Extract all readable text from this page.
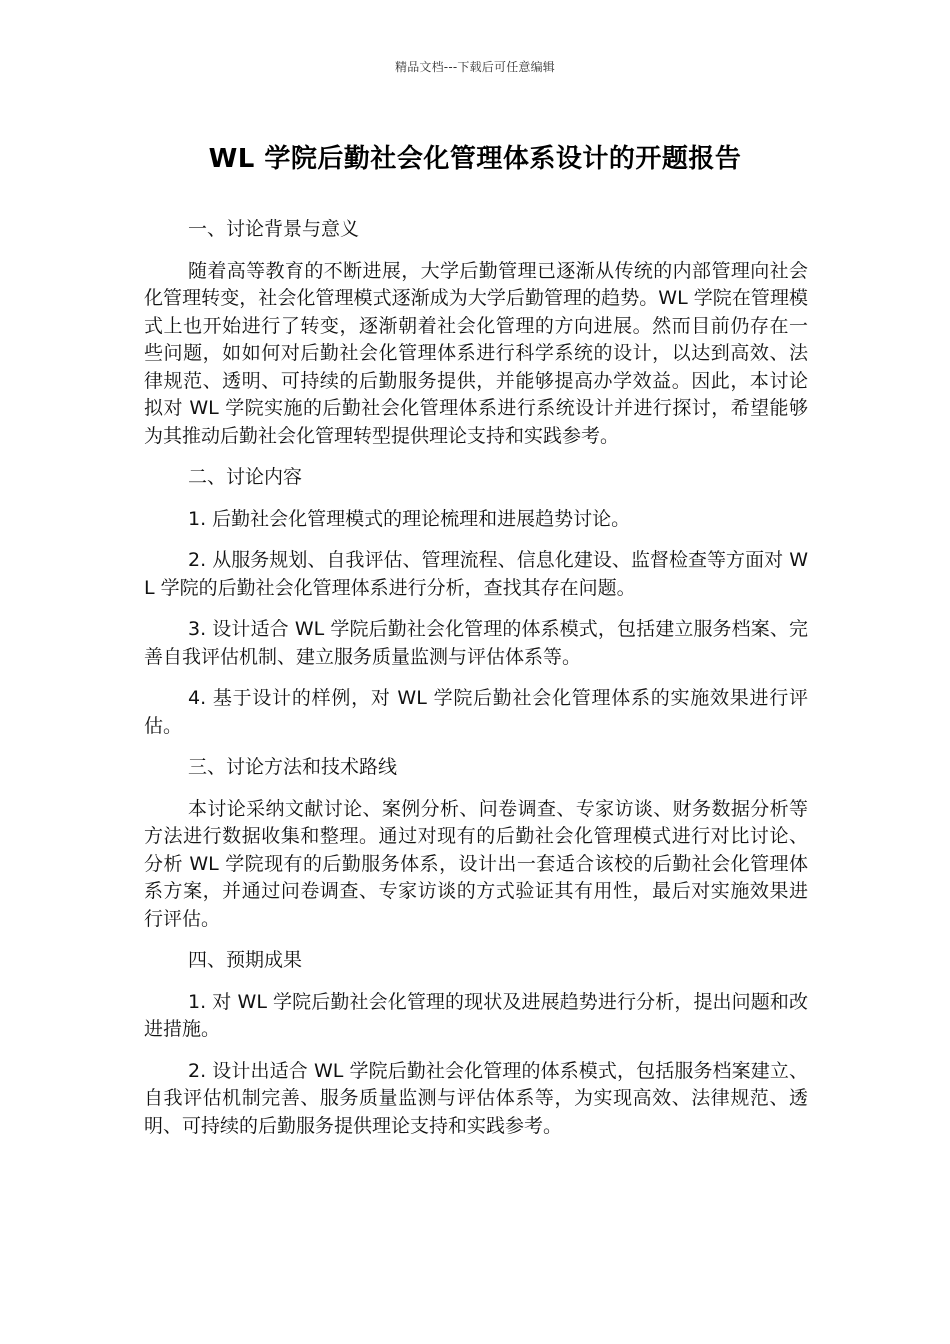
精品文档---下载后可任意编辑
WL 学院后勤社会化管理体系设计的开题报告

一、讨论背景与意义

随着高等教育的不断进展，大学后勤管理已逐渐从传统的内部管理向社会化管理转变，社会化管理模式逐渐成为大学后勤管理的趋势。WL 学院在管理模式上也开始进行了转变，逐渐朝着社会化管理的方向进展。然而目前仍存在一些问题，如如何对后勤社会化管理体系进行科学系统的设计，以达到高效、法律规范、透明、可持续的后勤服务提供，并能够提高办学效益。因此，本讨论拟对 WL 学院实施的后勤社会化管理体系进行系统设计并进行探讨，希望能够为其推动后勤社会化管理转型提供理论支持和实践参考。

二、讨论内容

1. 后勤社会化管理模式的理论梳理和进展趋势讨论。

2. 从服务规划、自我评估、管理流程、信息化建设、监督检查等方面对 WL 学院的后勤社会化管理体系进行分析，查找其存在问题。

3. 设计适合 WL 学院后勤社会化管理的体系模式，包括建立服务档案、完善自我评估机制、建立服务质量监测与评估体系等。

4. 基于设计的样例，对 WL 学院后勤社会化管理体系的实施效果进行评估。

三、讨论方法和技术路线

本讨论采纳文献讨论、案例分析、问卷调查、专家访谈、财务数据分析等方法进行数据收集和整理。通过对现有的后勤社会化管理模式进行对比讨论、分析 WL 学院现有的后勤服务体系，设计出一套适合该校的后勤社会化管理体系方案，并通过问卷调查、专家访谈的方式验证其有用性，最后对实施效果进行评估。

四、预期成果

1. 对 WL 学院后勤社会化管理的现状及进展趋势进行分析，提出问题和改进措施。

2. 设计出适合 WL 学院后勤社会化管理的体系模式，包括服务档案建立、自我评估机制完善、服务质量监测与评估体系等，为实现高效、法律规范、透明、可持续的后勤服务提供理论支持和实践参考。
